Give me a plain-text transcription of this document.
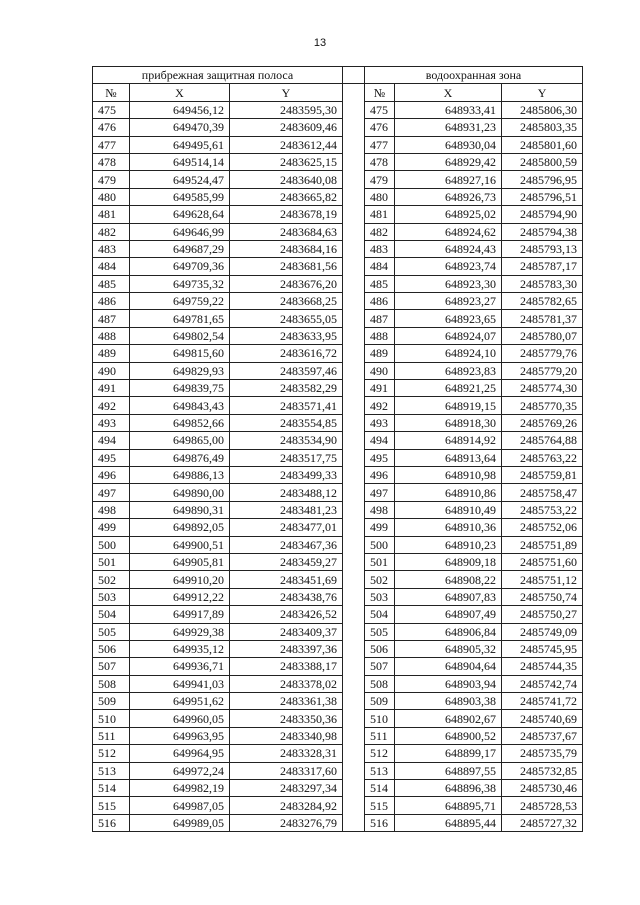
13
прибрежная защитная полоса				водоохранная зона		
№	X	Y		№	X	Y
475	649456,12	2483595,30		475	648933,41	2485806,30
476	649470,39	2483609,46		476	648931,23	2485803,35
477	649495,61	2483612,44		477	648930,04	2485801,60
478	649514,14	2483625,15		478	648929,42	2485800,59
479	649524,47	2483640,08		479	648927,16	2485796,95
480	649585,99	2483665,82		480	648926,73	2485796,51
481	649628,64	2483678,19		481	648925,02	2485794,90
482	649646,99	2483684,63		482	648924,62	2485794,38
483	649687,29	2483684,16		483	648924,43	2485793,13
484	649709,36	2483681,56		484	648923,74	2485787,17
485	649735,32	2483676,20		485	648923,30	2485783,30
486	649759,22	2483668,25		486	648923,27	2485782,65
487	649781,65	2483655,05		487	648923,65	2485781,37
488	649802,54	2483633,95		488	648924,07	2485780,07
489	649815,60	2483616,72		489	648924,10	2485779,76
490	649829,93	2483597,46		490	648923,83	2485779,20
491	649839,75	2483582,29		491	648921,25	2485774,30
492	649843,43	2483571,41		492	648919,15	2485770,35
493	649852,66	2483554,85		493	648918,30	2485769,26
494	649865,00	2483534,90		494	648914,92	2485764,88
495	649876,49	2483517,75		495	648913,64	2485763,22
496	649886,13	2483499,33		496	648910,98	2485759,81
497	649890,00	2483488,12		497	648910,86	2485758,47
498	649890,31	2483481,23		498	648910,49	2485753,22
499	649892,05	2483477,01		499	648910,36	2485752,06
500	649900,51	2483467,36		500	648910,23	2485751,89
501	649905,81	2483459,27		501	648909,18	2485751,60
502	649910,20	2483451,69		502	648908,22	2485751,12
503	649912,22	2483438,76		503	648907,83	2485750,74
504	649917,89	2483426,52		504	648907,49	2485750,27
505	649929,38	2483409,37		505	648906,84	2485749,09
506	649935,12	2483397,36		506	648905,32	2485745,95
507	649936,71	2483388,17		507	648904,64	2485744,35
508	649941,03	2483378,02		508	648903,94	2485742,74
509	649951,62	2483361,38		509	648903,38	2485741,72
510	649960,05	2483350,36		510	648902,67	2485740,69
511	649963,95	2483340,98		511	648900,52	2485737,67
512	649964,95	2483328,31		512	648899,17	2485735,79
513	649972,24	2483317,60		513	648897,55	2485732,85
514	649982,19	2483297,34		514	648896,38	2485730,46
515	649987,05	2483284,92		515	648895,71	2485728,53
516	649989,05	2483276,79		516	648895,44	2485727,32
